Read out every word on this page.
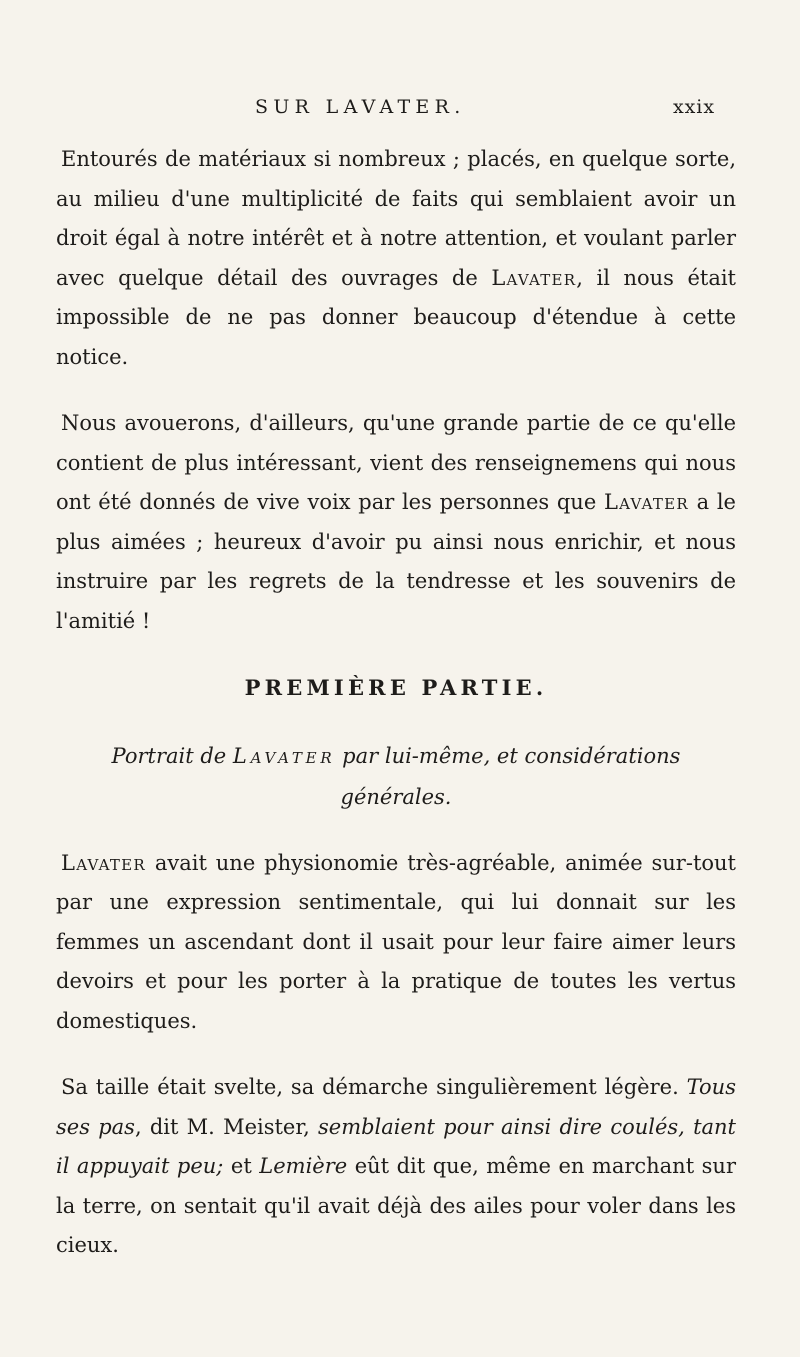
SUR LAVATER.	xxix

Entourés de matériaux si nombreux ; placés, en quelque sorte, au milieu d'une multiplicité de faits qui semblaient avoir un droit égal à notre intérêt et à notre attention, et voulant parler avec quelque détail des ouvrages de Lavater, il nous était impossible de ne pas donner beaucoup d'étendue à cette notice.

Nous avouerons, d'ailleurs, qu'une grande partie de ce qu'elle contient de plus intéressant, vient des renseignemens qui nous ont été donnés de vive voix par les personnes que Lavater a le plus aimées ; heureux d'avoir pu ainsi nous enrichir, et nous instruire par les regrets de la tendresse et les souvenirs de l'amitié !

PREMIÈRE PARTIE.
Portrait de Lavater par lui-même, et considérations générales.

Lavater avait une physionomie très-agréable, animée sur-tout par une expression sentimentale, qui lui donnait sur les femmes un ascendant dont il usait pour leur faire aimer leurs devoirs et pour les porter à la pratique de toutes les vertus domestiques.

Sa taille était svelte, sa démarche singulièrement légère. Tous ses pas, dit M. Meister, semblaient pour ainsi dire coulés, tant il appuyait peu; et Lemière eût dit que, même en marchant sur la terre, on sentait qu'il avait déjà des ailes pour voler dans les cieux.
